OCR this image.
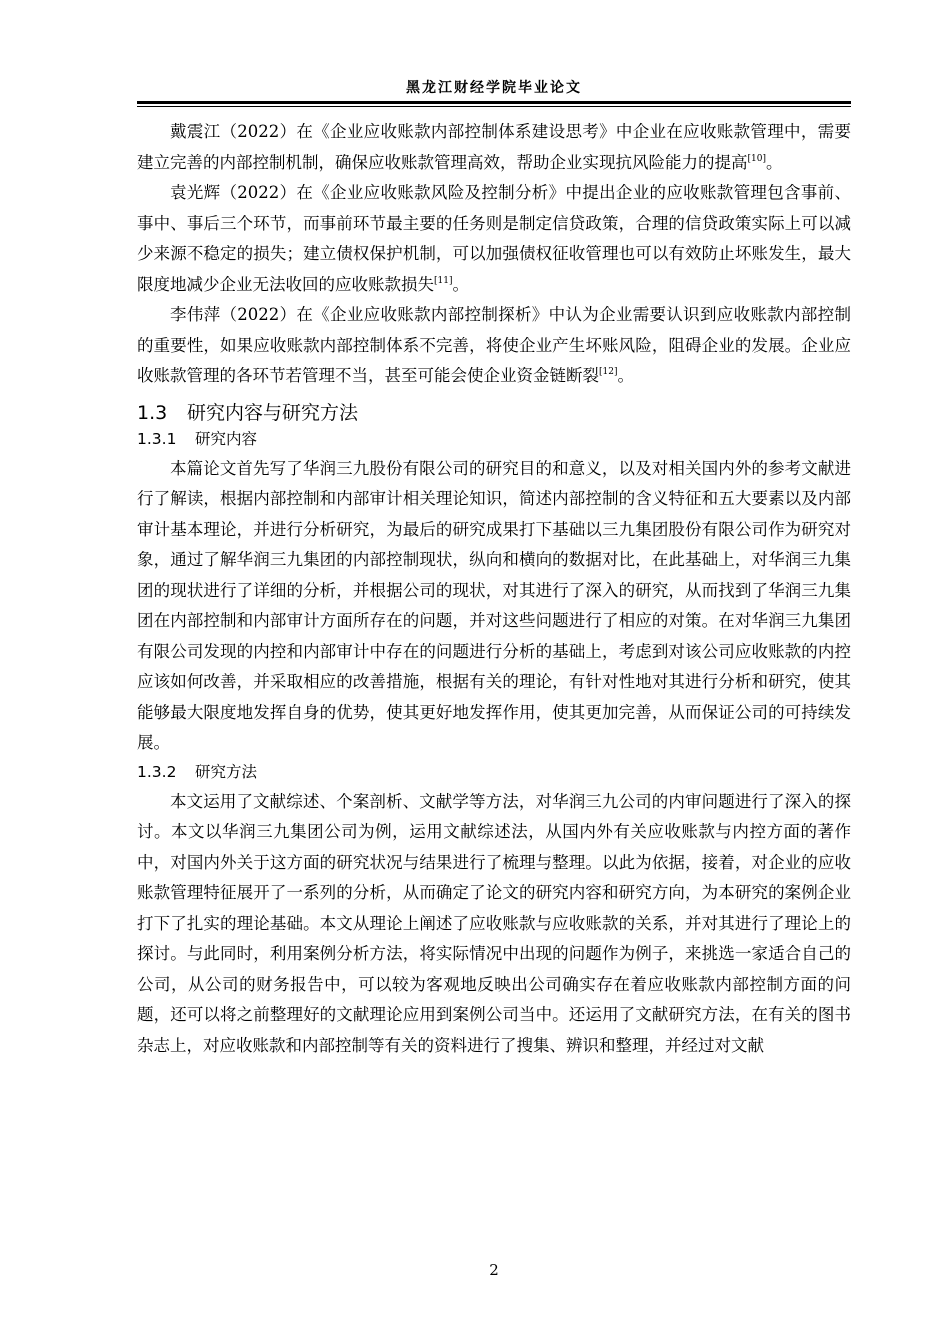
黑龙江财经学院毕业论文

戴震江（2022）在《企业应收账款内部控制体系建设思考》中企业在应收账款管理中，需要建立完善的内部控制机制，确保应收账款管理高效，帮助企业实现抗风险能力的提高[10]。

袁光辉（2022）在《企业应收账款风险及控制分析》中提出企业的应收账款管理包含事前、事中、事后三个环节，而事前环节最主要的任务则是制定信贷政策，合理的信贷政策实际上可以减少来源不稳定的损失；建立债权保护机制，可以加强债权征收管理也可以有效防止坏账发生，最大限度地减少企业无法收回的应收账款损失[11]。

李伟萍（2022）在《企业应收账款内部控制探析》中认为企业需要认识到应收账款内部控制的重要性，如果应收账款内部控制体系不完善，将使企业产生坏账风险，阻碍企业的发展。企业应收账款管理的各环节若管理不当，甚至可能会使企业资金链断裂[12]。

1.3 研究内容与研究方法
1.3.1 研究内容

本篇论文首先写了华润三九股份有限公司的研究目的和意义，以及对相关国内外的参考文献进行了解读，根据内部控制和内部审计相关理论知识，简述内部控制的含义特征和五大要素以及内部审计基本理论，并进行分析研究，为最后的研究成果打下基础以三九集团股份有限公司作为研究对象，通过了解华润三九集团的内部控制现状，纵向和横向的数据对比，在此基础上，对华润三九集团的现状进行了详细的分析，并根据公司的现状，对其进行了深入的研究，从而找到了华润三九集团在内部控制和内部审计方面所存在的问题，并对这些问题进行了相应的对策。在对华润三九集团有限公司发现的内控和内部审计中存在的问题进行分析的基础上，考虑到对该公司应收账款的内控应该如何改善，并采取相应的改善措施，根据有关的理论，有针对性地对其进行分析和研究，使其能够最大限度地发挥自身的优势，使其更好地发挥作用，使其更加完善，从而保证公司的可持续发展。

1.3.2 研究方法

本文运用了文献综述、个案剖析、文献学等方法，对华润三九公司的内审问题进行了深入的探讨。本文以华润三九集团公司为例，运用文献综述法，从国内外有关应收账款与内控方面的著作中，对国内外关于这方面的研究状况与结果进行了梳理与整理。以此为依据，接着，对企业的应收账款管理特征展开了一系列的分析，从而确定了论文的研究内容和研究方向，为本研究的案例企业打下了扎实的理论基础。本文从理论上阐述了应收账款与应收账款的关系，并对其进行了理论上的探讨。与此同时，利用案例分析方法，将实际情况中出现的问题作为例子，来挑选一家适合自己的公司，从公司的财务报告中，可以较为客观地反映出公司确实存在着应收账款内部控制方面的问题，还可以将之前整理好的文献理论应用到案例公司当中。还运用了文献研究方法，在有关的图书杂志上，对应收账款和内部控制等有关的资料进行了搜集、辨识和整理，并经过对文献

2
